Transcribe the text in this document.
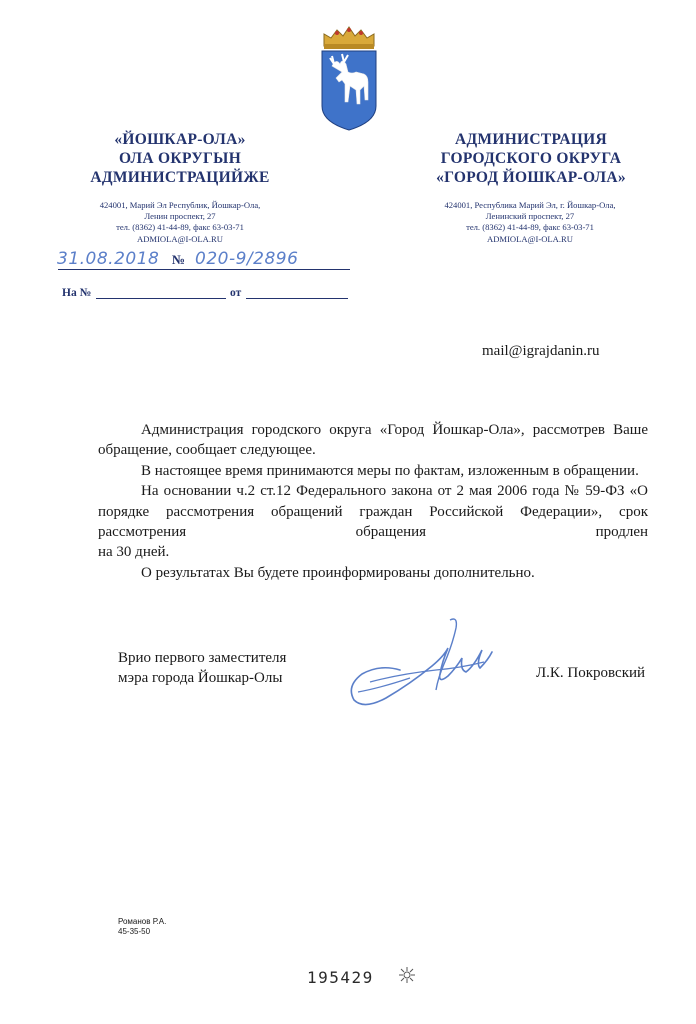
«ЙОШКАР-ОЛА»
ОЛА ОКРУГЫН
АДМИНИСТРАЦИЙЖЕ
424001, Марий Эл Республик, Йошкар-Ола,
Ленин проспект, 27
тел. (8362) 41-44-89, факс 63-03-71
ADMIOLA@I-OLA.RU
АДМИНИСТРАЦИЯ
ГОРОДСКОГО ОКРУГА
«ГОРОД ЙОШКАР-ОЛА»
424001, Республика Марий Эл, г. Йошкар-Ола,
Ленинский проспект, 27
тел. (8362) 41-44-89, факс 63-03-71
ADMIOLA@I-OLA.RU
31.08.2018 № 020-9/2896
На №	от
mail@igrajdanin.ru
Администрация городского округа «Город Йошкар-Ола», рассмотрев Ваше обращение, сообщает следующее.
В настоящее время принимаются меры по фактам, изложенным в обращении.
На основании ч.2 ст.12 Федерального закона от 2 мая 2006 года № 59-ФЗ «О порядке рассмотрения обращений граждан Российской Федерации», срок рассмотрения обращения продлен
на 30 дней.
О результатах Вы будете проинформированы дополнительно.
Врио первого заместителя
мэра города Йошкар-Олы	Л.К. Покровский
Романов Р.А.
45-35-50
195429
